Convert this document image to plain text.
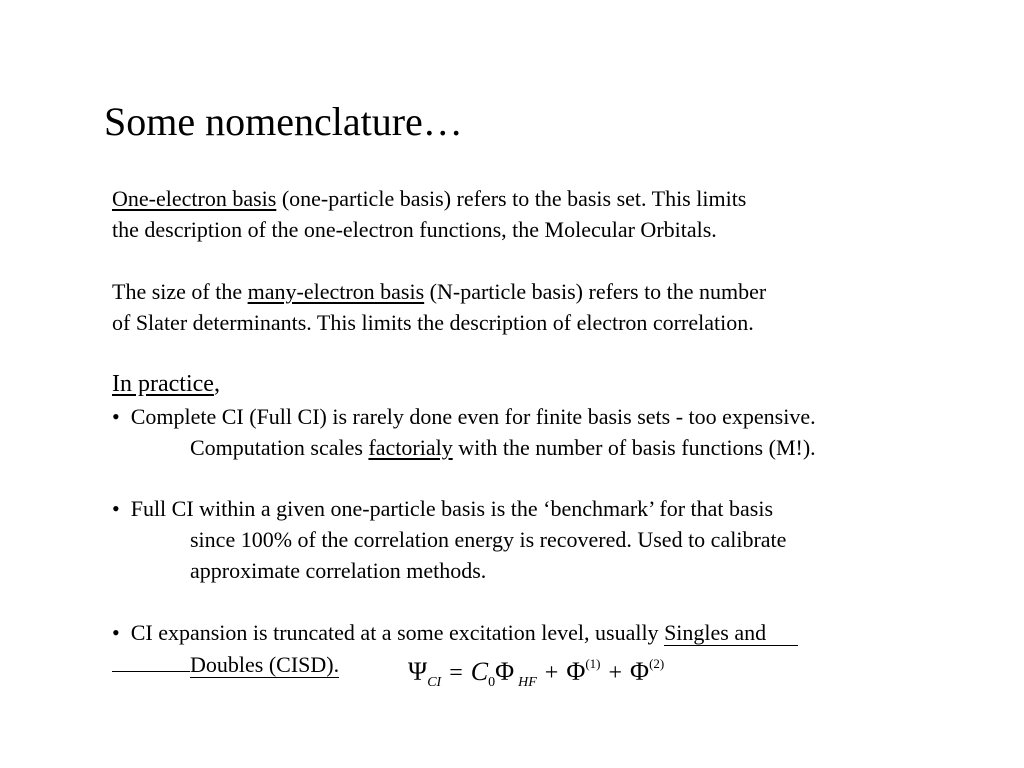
Some nomenclature…
One-electron basis (one-particle basis) refers to the basis set. This limits
the description of the one-electron functions, the Molecular Orbitals.
The size of the many-electron basis (N-particle basis) refers to the number
of Slater determinants. This limits the description of electron correlation.
In practice,
• Complete CI (Full CI) is rarely done even for finite basis sets - too expensive.
Computation scales factorialy with the number of basis functions (M!).
• Full CI within a given one-particle basis is the ‘benchmark’ for that basis
since 100% of the correlation energy is recovered. Used to calibrate
approximate correlation methods.
• CI expansion is truncated at a some excitation level, usually Singles and
Doubles (CISD).	ΨCI = C0Φ HF + $\Phi^{(1)} + \Phi^{(2)}$
